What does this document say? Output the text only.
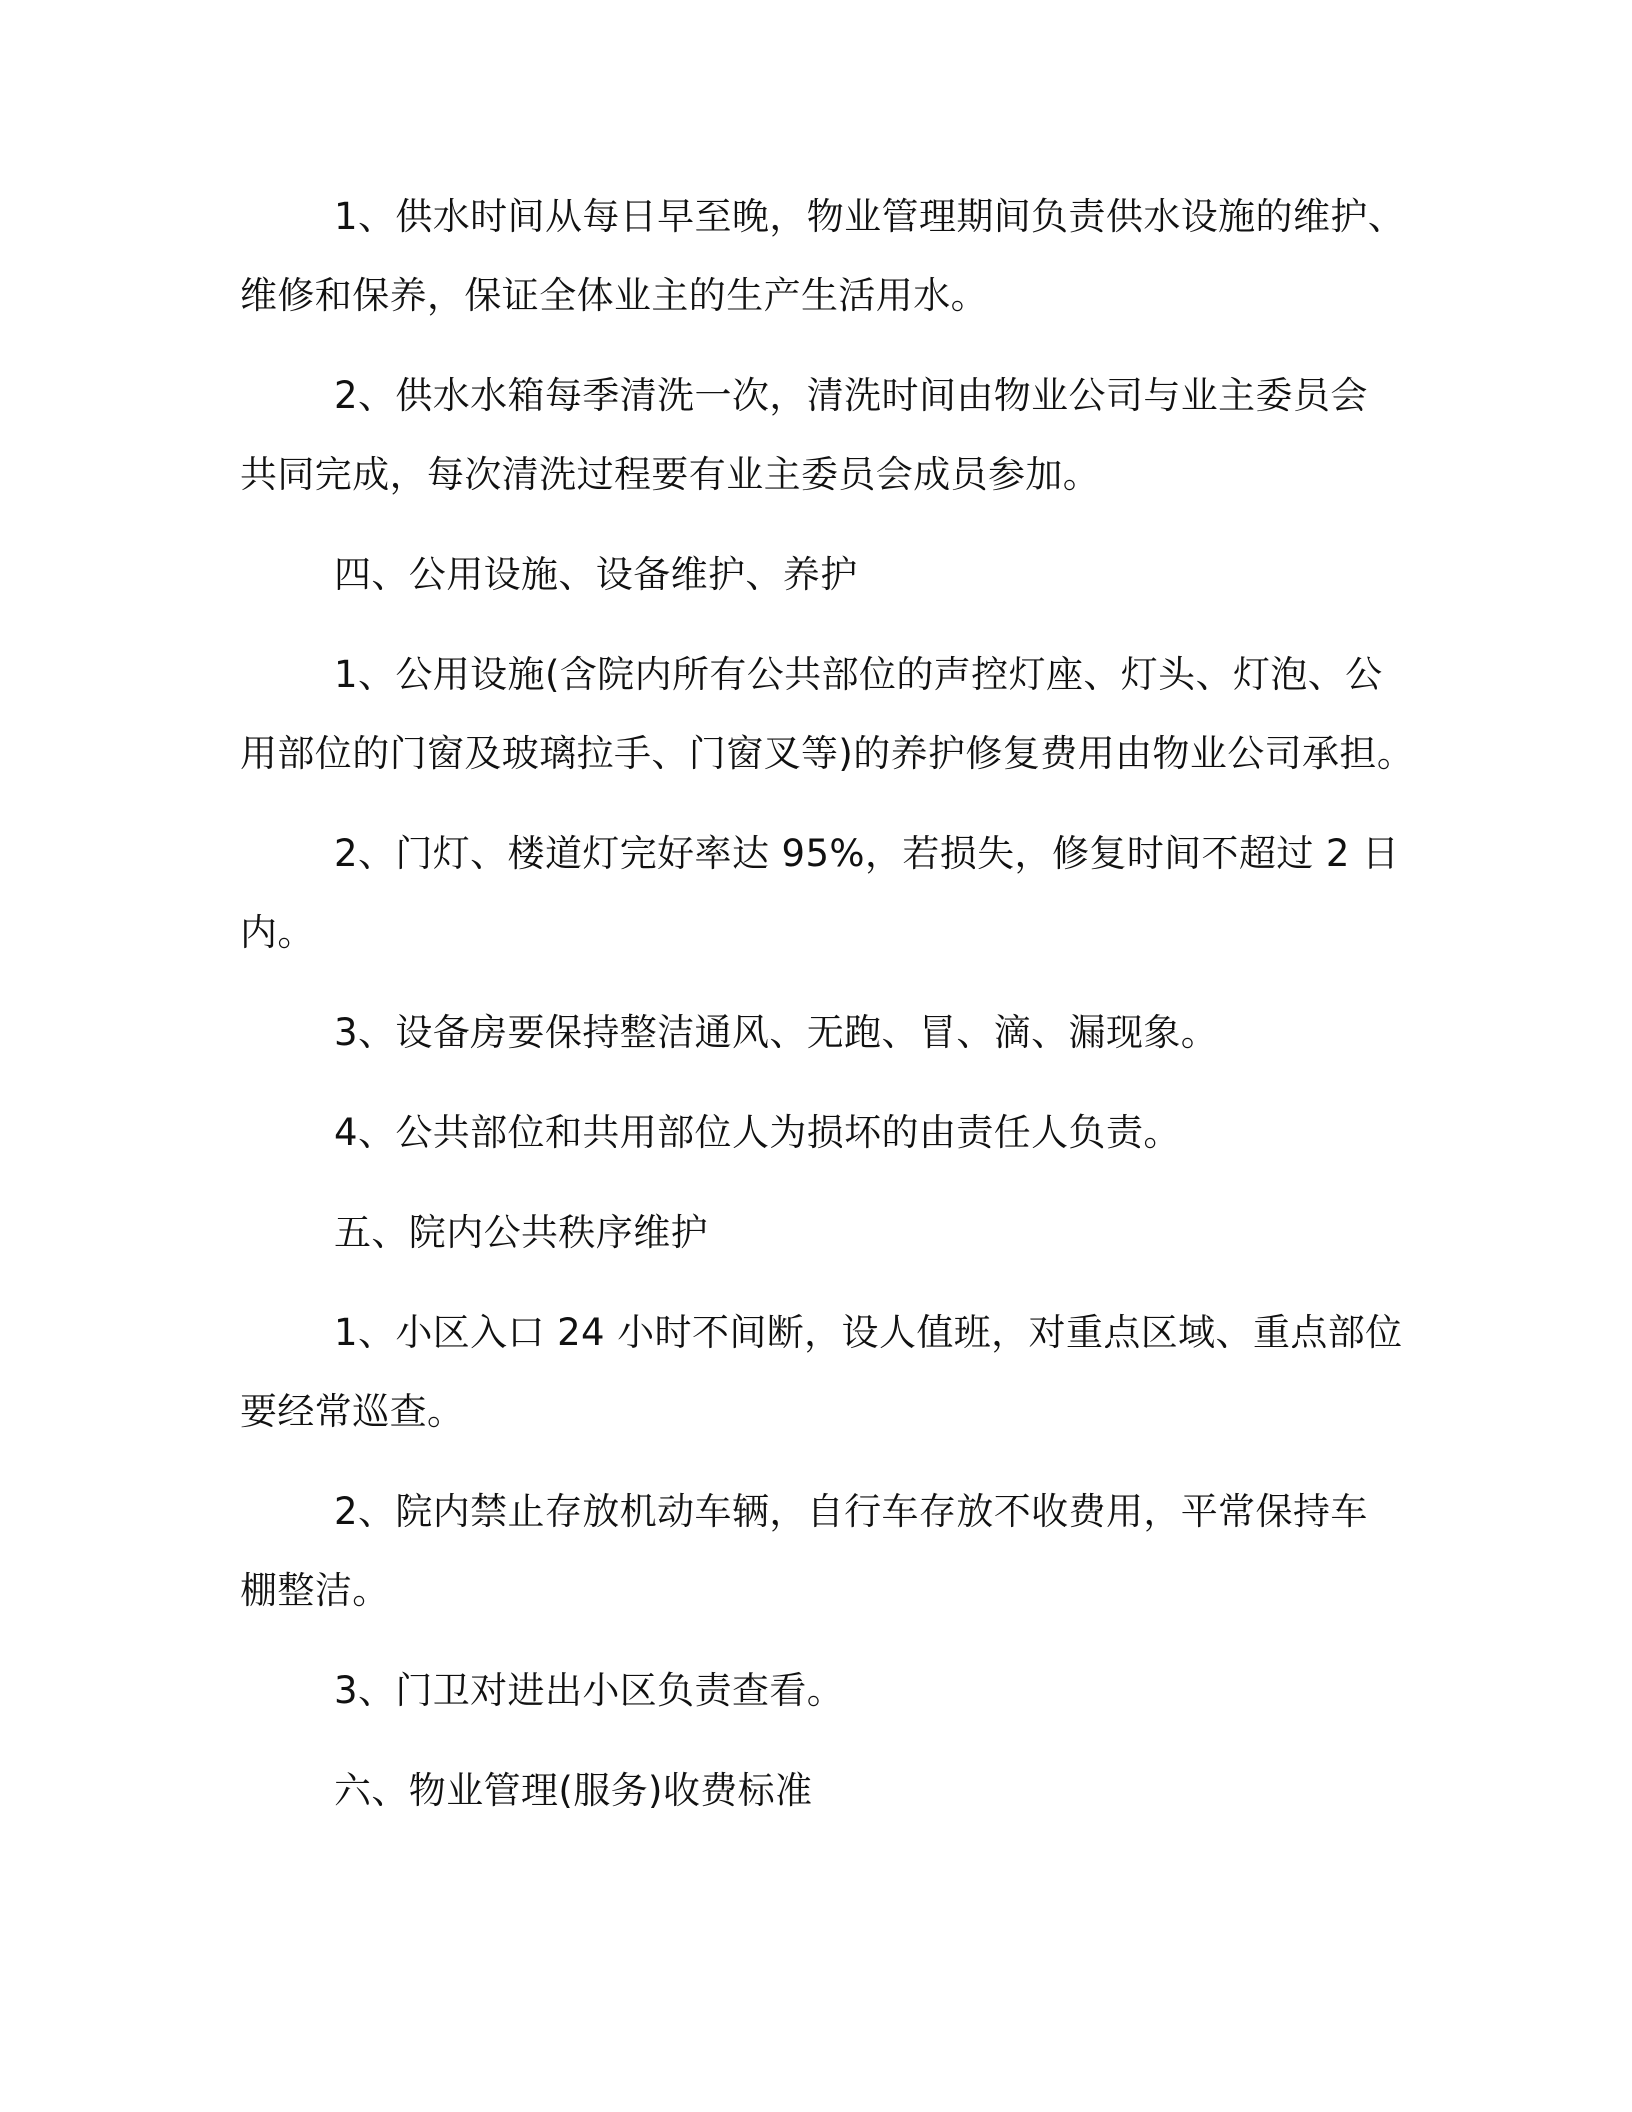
1、供水时间从每日早至晚，物业管理期间负责供水设施的维护、

维修和保养，保证全体业主的生产生活用水。

2、供水水箱每季清洗一次，清洗时间由物业公司与业主委员会

共同完成，每次清洗过程要有业主委员会成员参加。

四、公用设施、设备维护、养护

1、公用设施(含院内所有公共部位的声控灯座、灯头、灯泡、公

用部位的门窗及玻璃拉手、门窗叉等)的养护修复费用由物业公司承担。

2、门灯、楼道灯完好率达 95%，若损失，修复时间不超过 2 日

内。

3、设备房要保持整洁通风、无跑、冒、滴、漏现象。

4、公共部位和共用部位人为损坏的由责任人负责。

五、院内公共秩序维护

1、小区入口 24 小时不间断，设人值班，对重点区域、重点部位

要经常巡查。

2、院内禁止存放机动车辆，自行车存放不收费用，平常保持车

棚整洁。

3、门卫对进出小区负责查看。

六、物业管理(服务)收费标准
